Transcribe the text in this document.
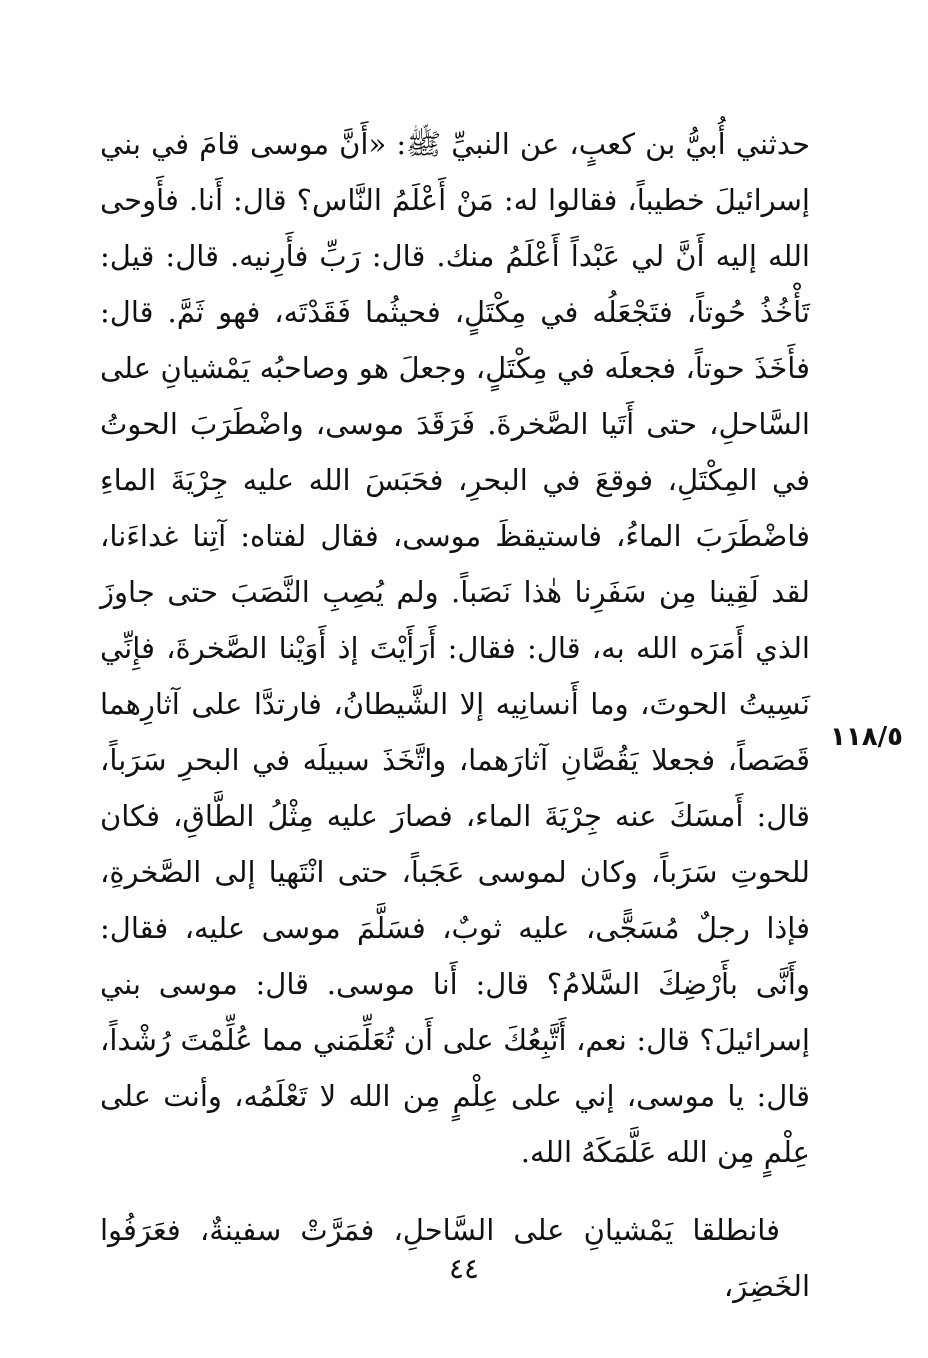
١١٨/٥

حدثني أُبيُّ بن كعبٍ، عن النبيِّ ﷺ: «أَنَّ موسى قامَ في بني إسرائيلَ خطيباً، فقالوا له: مَنْ أَعْلَمُ النَّاس؟ قال: أَنا. فأَوحى الله إليه أَنَّ لي عَبْداً أَعْلَمُ منك. قال: رَبِّ فأَرِنيه. قال: قيل: تَأْخُذُ حُوتاً، فتَجْعَلُه في مِكْتَلٍ، فحيثُما فَقَدْتَه، فهو ثَمَّ. قال: فأَخَذَ حوتاً، فجعلَه في مِكْتَلٍ، وجعلَ هو وصاحبُه يَمْشيانِ على السَّاحلِ، حتى أَتَيا الصَّخرةَ. فَرَقَدَ موسى، واضْطَرَبَ الحوتُ في المِكْتَلِ، فوقعَ في البحرِ، فحَبَسَ الله عليه جِرْيَةَ الماءِ فاضْطَرَبَ الماءُ، فاستيقظَ موسى، فقال لفتاه: آتِنا غداءَنا، لقد لَقِينا مِن سَفَرِنا هٰذا نَصَباً. ولم يُصِبِ النَّصَبَ حتى جاوزَ الذي أَمَرَه الله به، قال: فقال: أَرَأَيْتَ إذ أَوَيْنا الصَّخرةَ، فإِنِّي نَسِيتُ الحوتَ، وما أَنسانِيه إلا الشَّيطانُ، فارتدَّا على آثارِهما قَصَصاً، فجعلا يَقُصَّانِ آثارَهما، واتَّخَذَ سبيلَه في البحرِ سَرَباً، قال: أَمسَكَ عنه جِرْيَةَ الماء، فصارَ عليه مِثْلُ الطَّاقِ، فكان للحوتِ سَرَباً، وكان لموسى عَجَباً، حتى انْتَهيا إلى الصَّخرةِ، فإذا رجلٌ مُسَجًّى، عليه ثوبٌ، فسَلَّمَ موسى عليه، فقال: وأَنَّى بأَرْضِكَ السَّلامُ؟ قال: أَنا موسى. قال: موسى بني إسرائيلَ؟ قال: نعم، أَتَّبِعُكَ على أَن تُعَلِّمَني مما عُلِّمْتَ رُشْداً، قال: يا موسى، إني على عِلْمٍ مِن الله لا تَعْلَمُه، وأنت على عِلْمٍ مِن الله عَلَّمَكَهُ الله.

فانطلقا يَمْشيانِ على السَّاحلِ، فمَرَّتْ سفينةٌ، فعَرَفُوا الخَضِرَ،

٤٤
